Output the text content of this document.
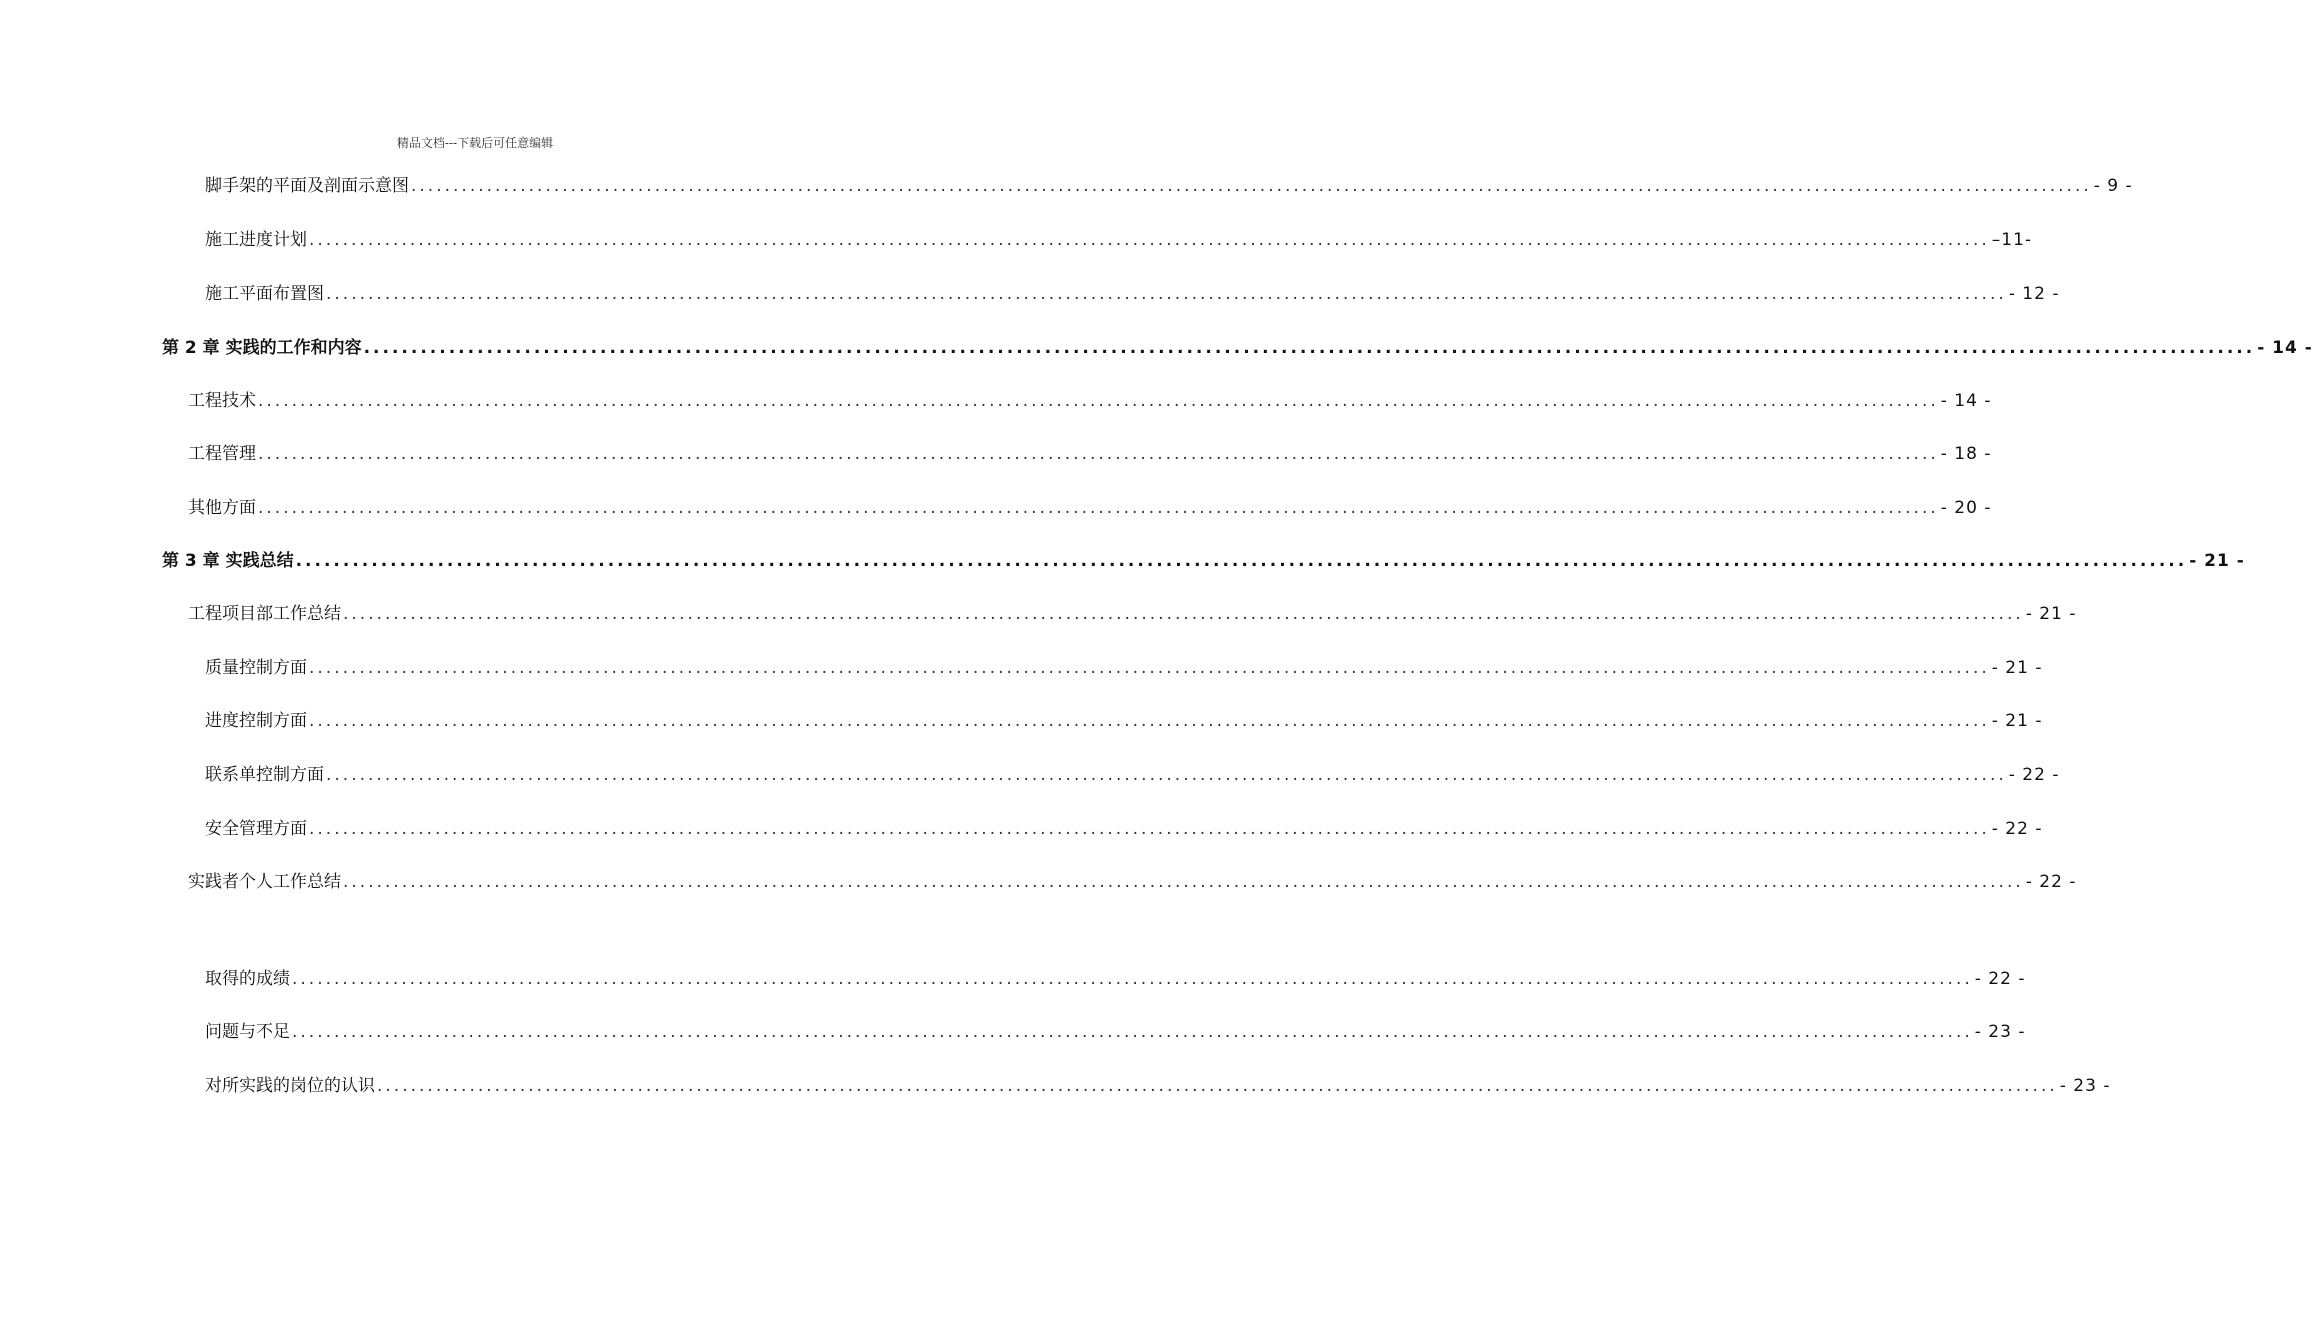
精品文档---下载后可任意编辑
脚手架的平面及剖面示意图 ........................................................................................................................................................................................................ - 9 -
施工进度计划 ........................................................................................................................................................................................................ –11-
施工平面布置图 ........................................................................................................................................................................................................ - 12 -
第 2 章 实践的工作和内容 ........................................................................................................................................................................................................ - 14 -
工程技术 ........................................................................................................................................................................................................ - 14 -
工程管理 ........................................................................................................................................................................................................ - 18 -
其他方面 ........................................................................................................................................................................................................ - 20 -
第 3 章 实践总结 ........................................................................................................................................................................................................ - 21 -
工程项目部工作总结 ........................................................................................................................................................................................................ - 21 -
质量控制方面 ........................................................................................................................................................................................................ - 21 -
进度控制方面 ........................................................................................................................................................................................................ - 21 -
联系单控制方面 ........................................................................................................................................................................................................ - 22 -
安全管理方面 ........................................................................................................................................................................................................ - 22 -
实践者个人工作总结 ........................................................................................................................................................................................................ - 22 -
取得的成绩 ........................................................................................................................................................................................................ - 22 -
问题与不足 ........................................................................................................................................................................................................ - 23 -
对所实践的岗位的认识 ........................................................................................................................................................................................................ - 23 -
